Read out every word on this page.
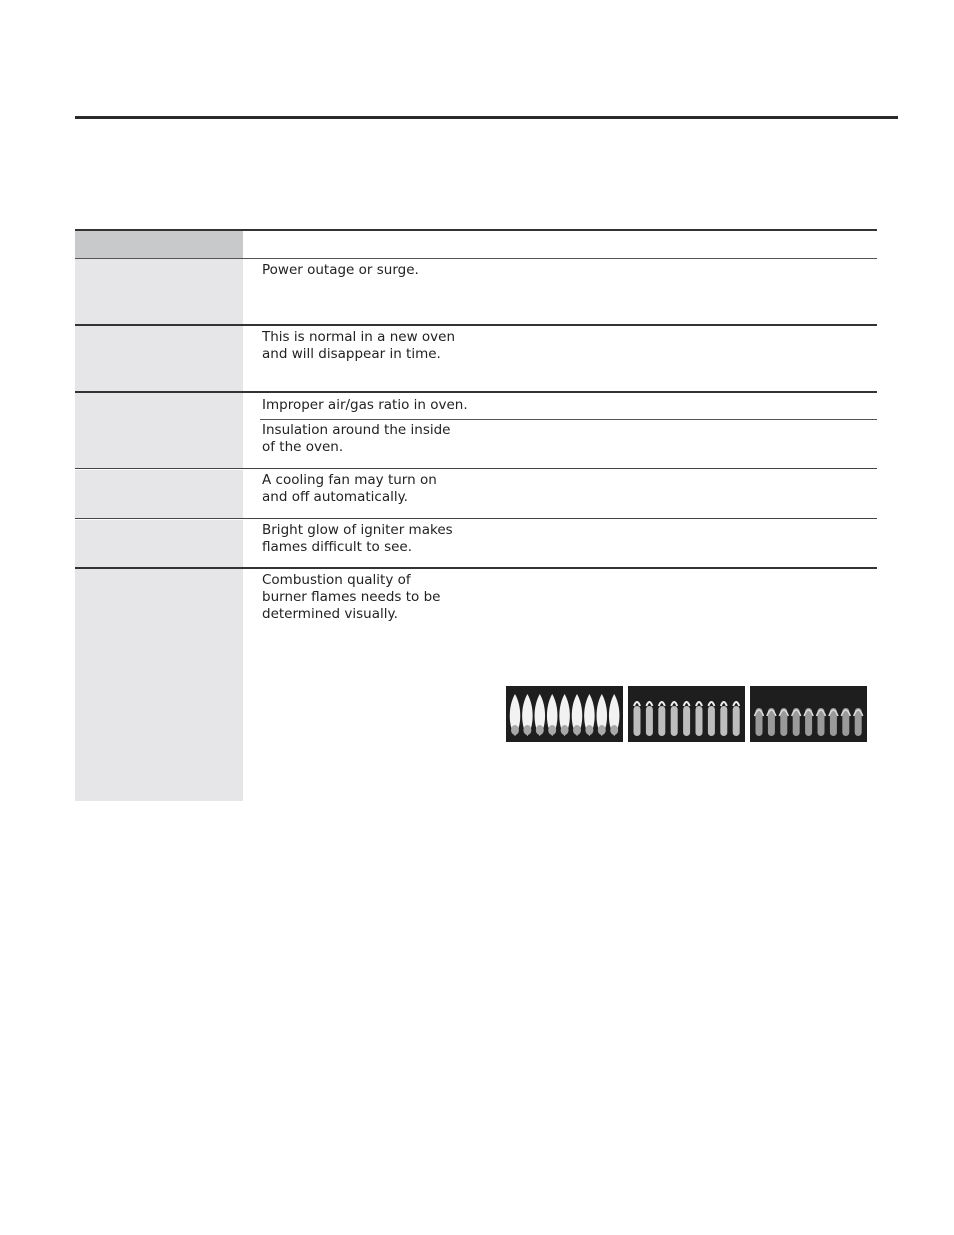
Power outage or surge.
This is normal in a new oven
and will disappear in time.
Improper air/gas ratio in oven.
Insulation around the inside
of the oven.
A cooling fan may turn on
and off automatically.
Bright glow of igniter makes
flames difficult to see.
Combustion quality of
burner flames needs to be
determined visually.
